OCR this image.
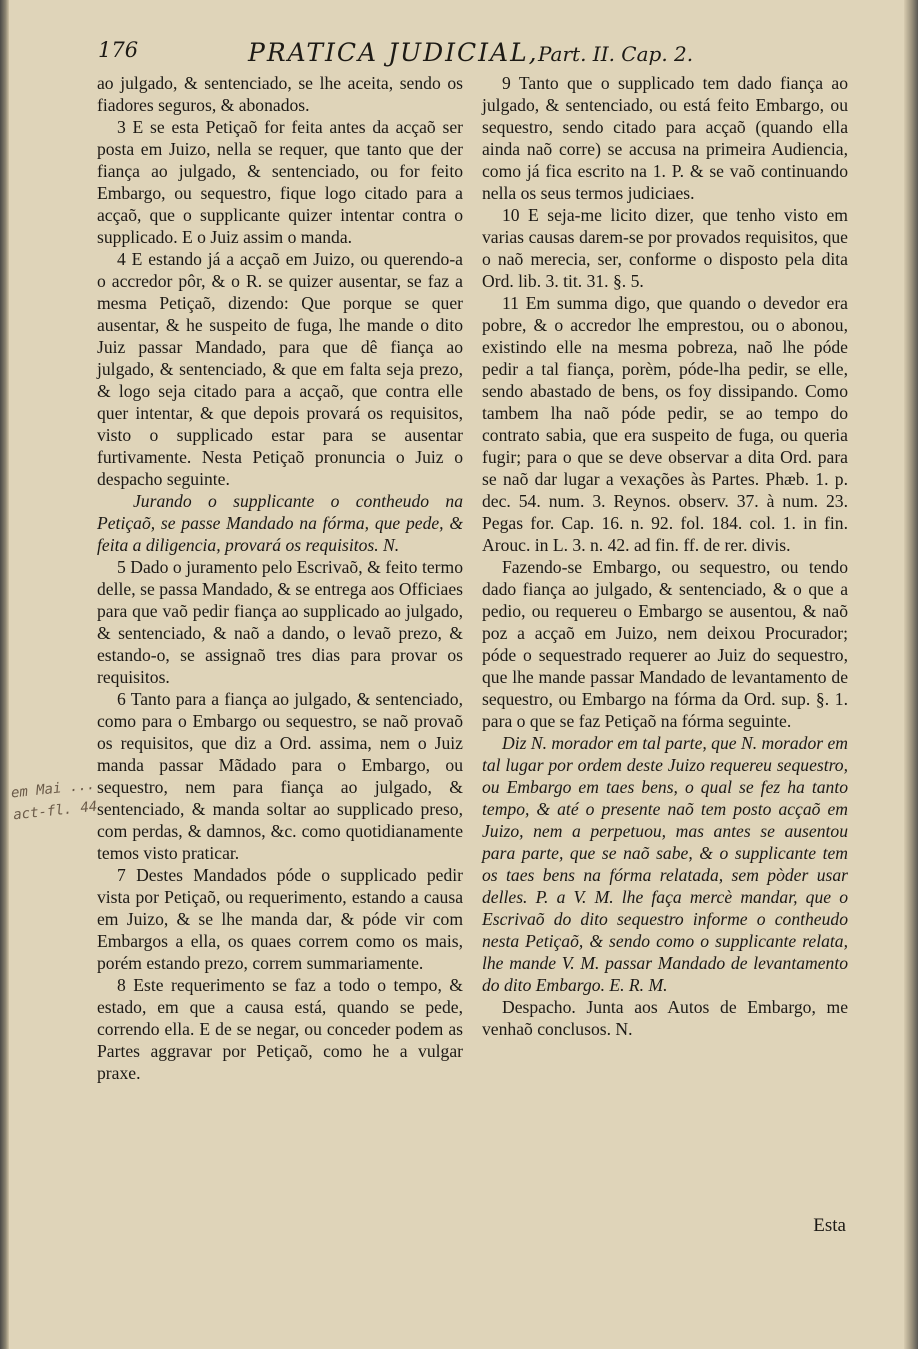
176	PRATICA JUDICIAL, Part. II. Cap. 2.
em Mai ... act-fl. 44

ao julgado, & sentenciado, se lhe aceita, sendo os fiadores seguros, & abonados.

3 E se esta Petiçaõ for feita antes da acçaõ ser posta em Juizo, nella se requer, que tanto que der fiança ao julgado, & sentenciado, ou for feito Embargo, ou sequestro, fique logo citado para a acçaõ, que o supplicante quizer intentar contra o supplicado. E o Juiz assim o manda.

4 E estando já a acçaõ em Juizo, ou querendo-a o accredor pôr, & o R. se quizer ausentar, se faz a mesma Petiçaõ, dizendo: Que porque se quer ausentar, & he suspeito de fuga, lhe mande o dito Juiz passar Mandado, para que dê fiança ao julgado, & sentenciado, & que em falta seja prezo, & logo seja citado para a acçaõ, que contra elle quer intentar, & que depois provará os requisitos, visto o supplicado estar para se ausentar furtivamente. Nesta Petiçaõ pronuncia o Juiz o despacho seguinte.

Jurando o supplicante o contheudo na Petiçaõ, se passe Mandado na fórma, que pede, & feita a diligencia, provará os requisitos. N.

5 Dado o juramento pelo Escrivaõ, & feito termo delle, se passa Mandado, & se entrega aos Officiaes para que vaõ pedir fiança ao supplicado ao julgado, & sentenciado, & naõ a dando, o levaõ prezo, & estando-o, se assignaõ tres dias para provar os requisitos.

6 Tanto para a fiança ao julgado, & sentenciado, como para o Embargo ou sequestro, se naõ provaõ os requisitos, que diz a Ord. assima, nem o Juiz manda passar Mãdado para o Embargo, ou sequestro, nem para fiança ao julgado, & sentenciado, & manda soltar ao supplicado preso, com perdas, & damnos, &c. como quotidianamente temos visto praticar.

7 Destes Mandados póde o supplicado pedir vista por Petiçaõ, ou requerimento, estando a causa em Juizo, & se lhe manda dar, & póde vir com Embargos a ella, os quaes correm como os mais, porém estando prezo, correm summariamente.

8 Este requerimento se faz a todo o tempo, & estado, em que a causa está, quando se pede, correndo ella. E de se negar, ou conceder podem as Partes aggravar por Petiçaõ, como he a vulgar praxe.

9 Tanto que o supplicado tem dado fiança ao julgado, & sentenciado, ou está feito Embargo, ou sequestro, sendo citado para acçaõ (quando ella ainda naõ corre) se accusa na primeira Audiencia, como já fica escrito na 1. P. & se vaõ continuando nella os seus termos judiciaes.

10 E seja-me licito dizer, que tenho visto em varias causas darem-se por provados requisitos, que o naõ merecia, ser, conforme o disposto pela dita Ord. lib. 3. tit. 31. §. 5.

11 Em summa digo, que quando o devedor era pobre, & o accredor lhe emprestou, ou o abonou, existindo elle na mesma pobreza, naõ lhe póde pedir a tal fiança, porèm, póde-lha pedir, se elle, sendo abastado de bens, os foy dissipando. Como tambem lha naõ póde pedir, se ao tempo do contrato sabia, que era suspeito de fuga, ou queria fugir; para o que se deve observar a dita Ord. para se naõ dar lugar a vexações às Partes. Phæb. 1. p. dec. 54. num. 3. Reynos. observ. 37. à num. 23. Pegas for. Cap. 16. n. 92. fol. 184. col. 1. in fin. Arouc. in L. 3. n. 42. ad fin. ff. de rer. divis.

Fazendo-se Embargo, ou sequestro, ou tendo dado fiança ao julgado, & sentenciado, & o que a pedio, ou requereu o Embargo se ausentou, & naõ poz a acçaõ em Juizo, nem deixou Procurador; póde o sequestrado requerer ao Juiz do sequestro, que lhe mande passar Mandado de levantamento de sequestro, ou Embargo na fórma da Ord. sup. §. 1. para o que se faz Petiçaõ na fórma seguinte.

Diz N. morador em tal parte, que N. morador em tal lugar por ordem deste Juizo requereu sequestro, ou Embargo em taes bens, o qual se fez ha tanto tempo, & até o presente naõ tem posto acçaõ em Juizo, nem a perpetuou, mas antes se ausentou para parte, que se naõ sabe, & o supplicante tem os taes bens na fórma relatada, sem pòder usar delles. P. a V. M. lhe faça mercè mandar, que o Escrivaõ do dito sequestro informe o contheudo nesta Petiçaõ, & sendo como o supplicante relata, lhe mande V. M. passar Mandado de levantamento do dito Embargo. E. R. M.

Despacho. Junta aos Autos de Embargo, me venhaõ conclusos. N.

Esta
